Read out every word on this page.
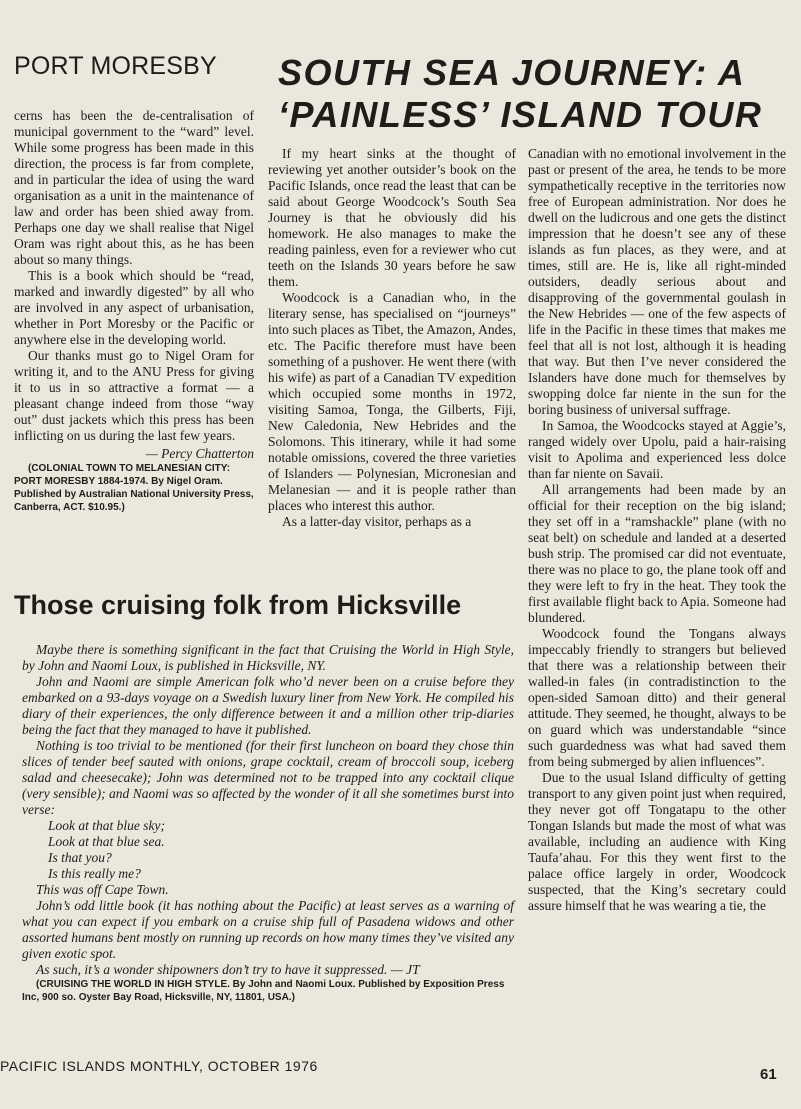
PORT MORESBY SOUTH SEA JOURNEY: A
‘PAINLESS’ ISLAND TOUR

cerns has been the de-centralisation of municipal government to the “ward” level. While some progress has been made in this direction, the process is far from complete, and in particular the idea of using the ward organisation as a unit in the maintenance of law and order has been shied away from. Perhaps one day we shall realise that Nigel Oram was right about this, as he has been about so many things.

This is a book which should be “read, marked and inwardly digested” by all who are involved in any aspect of urbanisation, whether in Port Moresby or the Pacific or anywhere else in the developing world.

Our thanks must go to Nigel Oram for writing it, and to the ANU Press for giving it to us in so attractive a format — a pleasant change indeed from those “way out” dust jackets which this press has been inflicting on us during the last few years.

— Percy Chatterton

(COLONIAL TOWN TO MELANESIAN CITY: PORT MORESBY 1884-1974. By Nigel Oram. Published by Australian National University Press, Canberra, ACT. $10.95.)

If my heart sinks at the thought of reviewing yet another outsider’s book on the Pacific Islands, once read the least that can be said about George Woodcock’s South Sea Journey is that he obviously did his homework. He also manages to make the reading painless, even for a reviewer who cut teeth on the Islands 30 years before he saw them.

Woodcock is a Canadian who, in the literary sense, has specialised on “journeys” into such places as Tibet, the Amazon, Andes, etc. The Pacific therefore must have been something of a pushover. He went there (with his wife) as part of a Canadian TV expedition which occupied some months in 1972, visiting Samoa, Tonga, the Gilberts, Fiji, New Caledonia, New Hebrides and the Solomons. This itinerary, while it had some notable omissions, covered the three varieties of Islanders — Polynesian, Micronesian and Melanesian — and it is people rather than places who interest this author.

As a latter-day visitor, perhaps as a

Canadian with no emotional involvement in the past or present of the area, he tends to be more sympathetically receptive in the territories now free of European administration. Nor does he dwell on the ludicrous and one gets the distinct impression that he doesn’t see any of these islands as fun places, as they were, and at times, still are. He is, like all right-minded outsiders, deadly serious about and disapproving of the governmental goulash in the New Hebrides — one of the few aspects of life in the Pacific in these times that makes me feel that all is not lost, although it is heading that way. But then I’ve never considered the Islanders have done much for themselves by swopping dolce far niente in the sun for the boring business of universal suffrage.

In Samoa, the Woodcocks stayed at Aggie’s, ranged widely over Upolu, paid a hair-raising visit to Apolima and experienced less dolce than far niente on Savaii.

All arrangements had been made by an official for their reception on the big island; they set off in a “ramshackle” plane (with no seat belt) on schedule and landed at a deserted bush strip. The promised car did not eventuate, there was no place to go, the plane took off and they were left to fry in the heat. They took the first available flight back to Apia. Someone had blundered.

Woodcock found the Tongans always impeccably friendly to strangers but believed that there was a relationship between their walled-in fales (in contradistinction to the open-sided Samoan ditto) and their general attitude. They seemed, he thought, always to be on guard which was understandable “since such guardedness was what had saved them from being submerged by alien influences”.

Due to the usual Island difficulty of getting transport to any given point just when required, they never got off Tongatapu to the other Tongan Islands but made the most of what was available, including an audience with King Taufa’ahau. For this they went first to the palace office largely in order, Woodcock suspected, that the King’s secretary could assure himself that he was wearing a tie, the

Those cruising folk from Hicksville

Maybe there is something significant in the fact that Cruising the World in High Style, by John and Naomi Loux, is published in Hicksville, NY.

John and Naomi are simple American folk who’d never been on a cruise before they embarked on a 93-days voyage on a Swedish luxury liner from New York. He compiled his diary of their experiences, the only difference between it and a million other trip-diaries being the fact that they managed to have it published.

Nothing is too trivial to be mentioned (for their first luncheon on board they chose thin slices of tender beef sauted with onions, grape cocktail, cream of broccoli soup, iceberg salad and cheesecake); John was determined not to be trapped into any cocktail clique (very sensible); and Naomi was so affected by the wonder of it all she sometimes burst into verse:

Look at that blue sky;

Look at that blue sea.

Is that you?

Is this really me?

This was off Cape Town.

John’s odd little book (it has nothing about the Pacific) at least serves as a warning of what you can expect if you embark on a cruise ship full of Pasadena widows and other assorted humans bent mostly on running up records on how many times they’ve visited any given exotic spot.

As such, it’s a wonder shipowners don’t try to have it suppressed. — JT

(CRUISING THE WORLD IN HIGH STYLE. By John and Naomi Loux. Published by Exposition Press Inc, 900 so. Oyster Bay Road, Hicksville, NY, 11801, USA.)

PACIFIC ISLANDS MONTHLY, OCTOBER 1976	61
